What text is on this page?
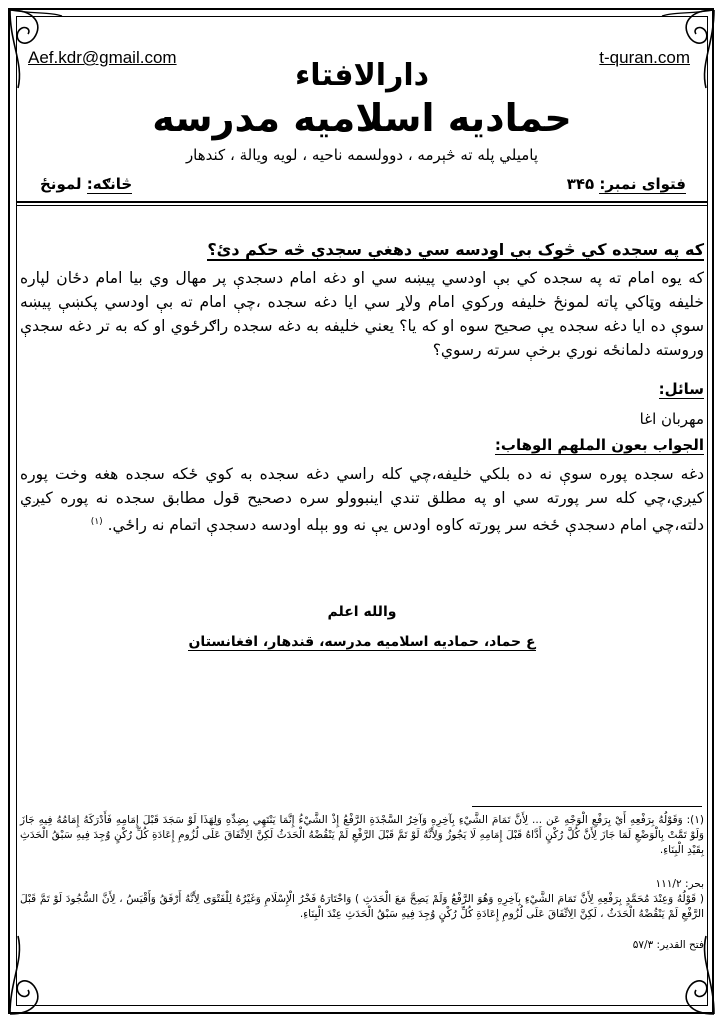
Aef.kdr@gmail.com	t-quran.com
دارالافتاء
حماديه اسلاميه مدرسه
پاميلي پله ته څېرمه ، دوولسمه ناحيه ، لويه ويالة ، كندهار
فتواى نمبر: ۳۴۵
څانګه: لمونځ
كه په سجده كي څوک بې اودسه سي دهغې سجدې څه حكم دئ؟
كه يوه امام ته په سجده كي بې اودسي پيښه سي او دغه امام دسجدې پر مهال وي بيا امام دځان لپاره خليفه وټاكي پاته لمونځ خليفه وركوي امام ولاړ سي ايا دغه سجده ،چې امام ته بې اودسي پكښې پيښه سوې ده ايا دغه سجده يې صحيح سوه او كه يا؟ يعني خليفه به دغه سجده راګرځوي او كه به تر دغه سجدې وروسته دلمانځه نوري برخې سرته رسوي؟
سائل:
مهربان اغا
الجواب بعون الملهم الوهاب:
دغه سجده پوره سوې نه ده بلكي خليفه،چي كله راسي دغه سجده به كوي ځكه سجده هغه وخت پوره كيږي،چي كله سر پورته سي او په مطلق تندي اينبوولو سره دصحيح قول مطابق سجده نه پوره كيږي دلته،چي امام دسجدې ځخه سر پورته كاوه اودس يې نه وو بېله اودسه دسجدې اتمام نه راځي. $^{(۱)}$
والله اعلم
ع حماد، حماديه اسلاميه مدرسه، قندهار، افغانستان
(۱): وَقَوْلُهُ بِرَفْعِهِ أَيْ بِرَفْعِ الْوَجْهِ عَن ... لِأَنَّ تَمَامَ الشَّيْءِ بِآخِرِهِ وَآخِرُ السَّجْدَةِ الرَّفْعُ إِذْ الشَّيْءُ إِنَّمَا يَنْتَهِي بِضِدِّهِ وَلِهَذَا لَوْ سَجَدَ قَبْلَ إِمَامِهِ فَأَدْرَكَهُ إِمَامُهُ فِيهِ جَازَ وَلَوْ تَمَّتْ بِالْوَضْعِ لَمَا جَازَ لِأَنَّ كُلَّ رُكْنٍ أَدَّاهُ قَبْلَ إِمَامِهِ لَا يَجُوزُ وَلِأَنَّهُ لَوْ تَمَّ قَبْلَ الرَّفْعِ لَمْ يَنْقُضْهُ الْحَدَثُ لَكِنَّ الِاتِّفَاقَ عَلَى لُزُومِ إِعَادَةِ كُلِّ رُكْنٍ وُجِدَ فِيهِ سَبْقُ الْحَدَثِ بِقَيْدِ الْبِنَاءِ.
بحر: ۱۱۱/۲
( قَوْلُهُ وَعِنْدَ مُحَمَّدٍ بِرَفْعِهِ لِأَنَّ تَمَامَ الشَّيْءِ بِآخِرِهِ وَهُوَ الرَّفْعُ وَلَمْ يَصِحَّ مَعَ الْحَدَثِ ) وَاخْتَارَهُ فَخْرُ الْإِسْلَامِ وَغَيْرُهُ لِلْفَتْوَى لِأَنَّهُ أَرْفَقُ وَأَقْيَسُ ، لِأَنَّ السُّجُودَ لَوْ تَمَّ قَبْلَ الرَّفْعِ لَمْ يَنْقُضْهُ الْحَدَثُ ، لَكِنَّ الِاتِّفَاقَ عَلَى لُزُومِ إِعَادَةِ كُلِّ رُكْنٍ وُجِدَ فِيهِ سَبْقُ الْحَدَثِ عِنْدَ الْبِنَاءِ.
فتح القدير: ۵۷/۳
